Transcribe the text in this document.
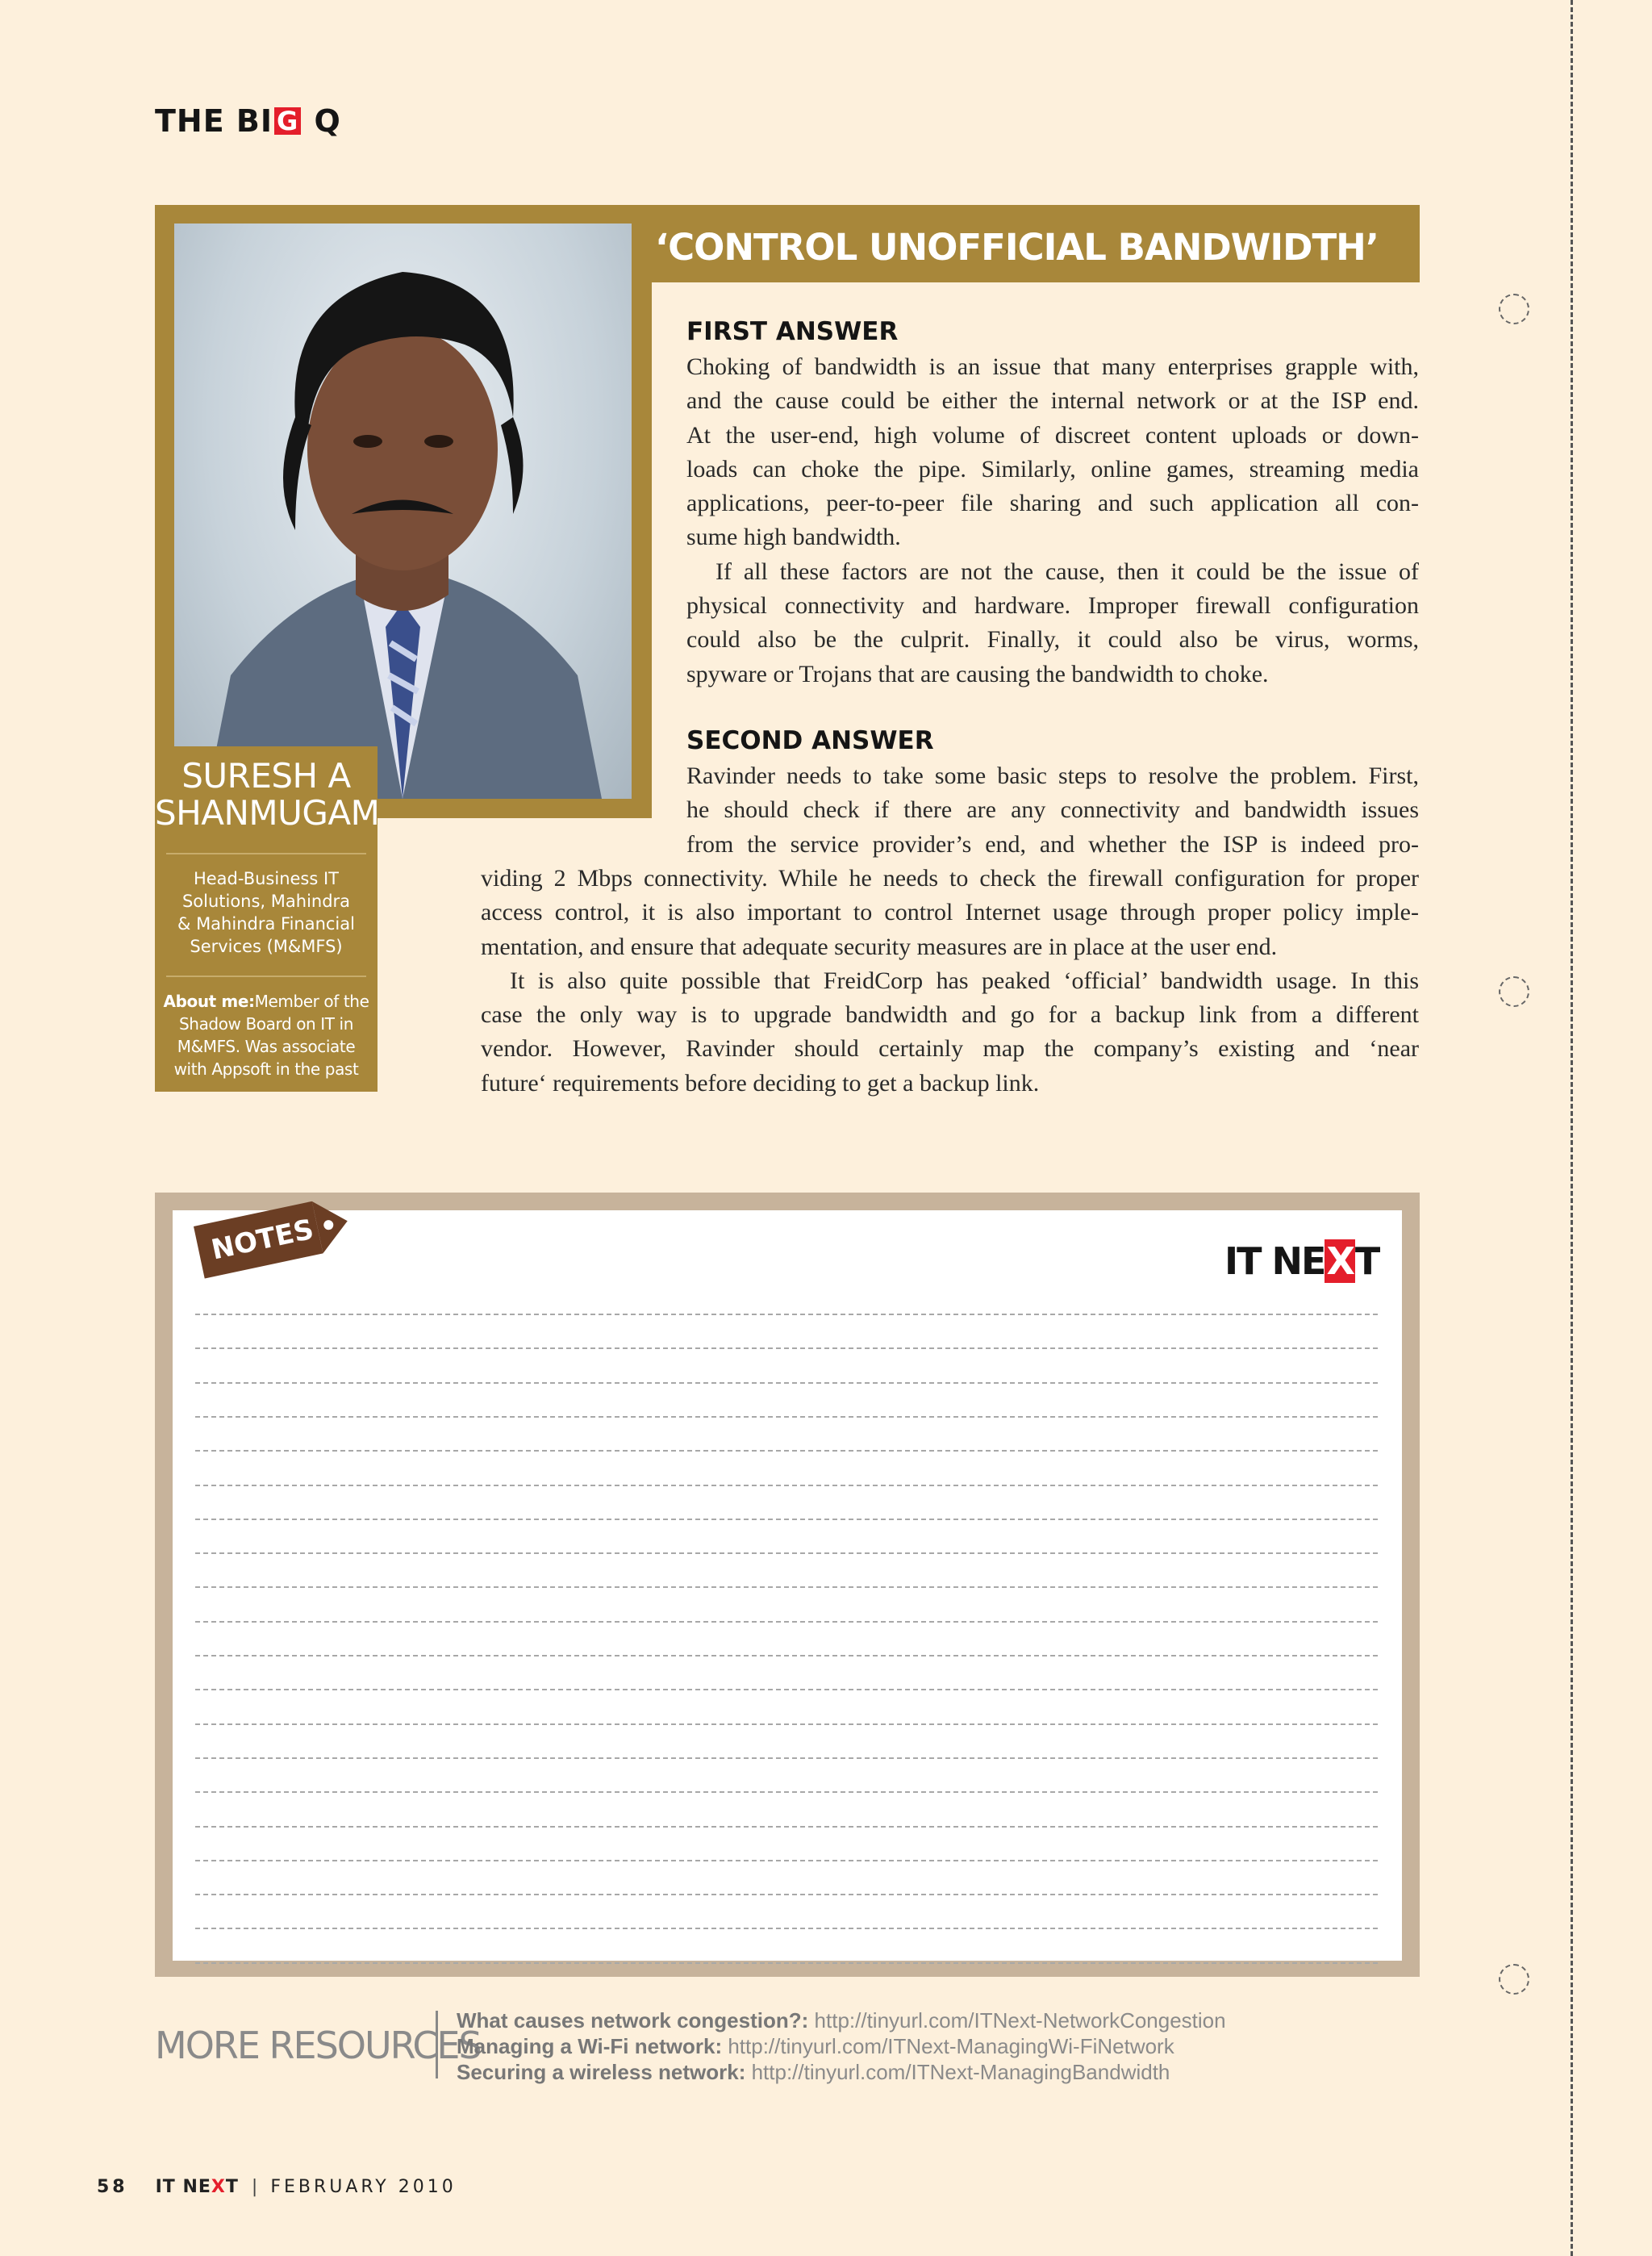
THE BI G Q
SURESH A
SHANMUGAM
Head-Business IT
Solutions, Mahindra
& Mahindra Financial
Services (M&MFS)
About me:Member of the
Shadow Board on IT in
M&MFS. Was associate
with Appsoft in the past
‘CONTROL UNOFFICIAL BANDWIDTH’
FIRST ANSWER
Choking of bandwidth is an issue that many enterprises grapple with,
and the cause could be either the internal network or at the ISP end.
At the user-end, high volume of discreet content uploads or down-
loads can choke the pipe. Similarly, online games, streaming media
applications, peer-to-peer file sharing and such application all con-
sume high bandwidth.
If all these factors are not the cause, then it could be the issue of
physical connectivity and hardware. Improper firewall configuration
could also be the culprit. Finally, it could also be virus, worms,
spyware or Trojans that are causing the bandwidth to choke.
SECOND ANSWER
Ravinder needs to take some basic steps to resolve the problem. First,
he should check if there are any connectivity and bandwidth issues
from the service provider’s end, and whether the ISP is indeed pro-
viding 2 Mbps connectivity. While he needs to check the firewall configuration for proper
access control, it is also important to control Internet usage through proper policy imple-
mentation, and ensure that adequate security measures are in place at the user end.
It is also quite possible that FreidCorp has peaked ‘official’ bandwidth usage. In this
case the only way is to upgrade bandwidth and go for a backup link from a different
vendor. However, Ravinder should certainly map the company’s existing and ‘near
future‘ requirements before deciding to get a backup link.
NOTES	IT NEXT
MORE RESOURCES
What causes network congestion?: http://tinyurl.com/ITNext-NetworkCongestion
Managing a Wi-Fi network: http://tinyurl.com/ITNext-ManagingWi-FiNetwork
Securing a wireless network: http://tinyurl.com/ITNext-ManagingBandwidth
58 IT NEXT | FEBRUARY 2010
